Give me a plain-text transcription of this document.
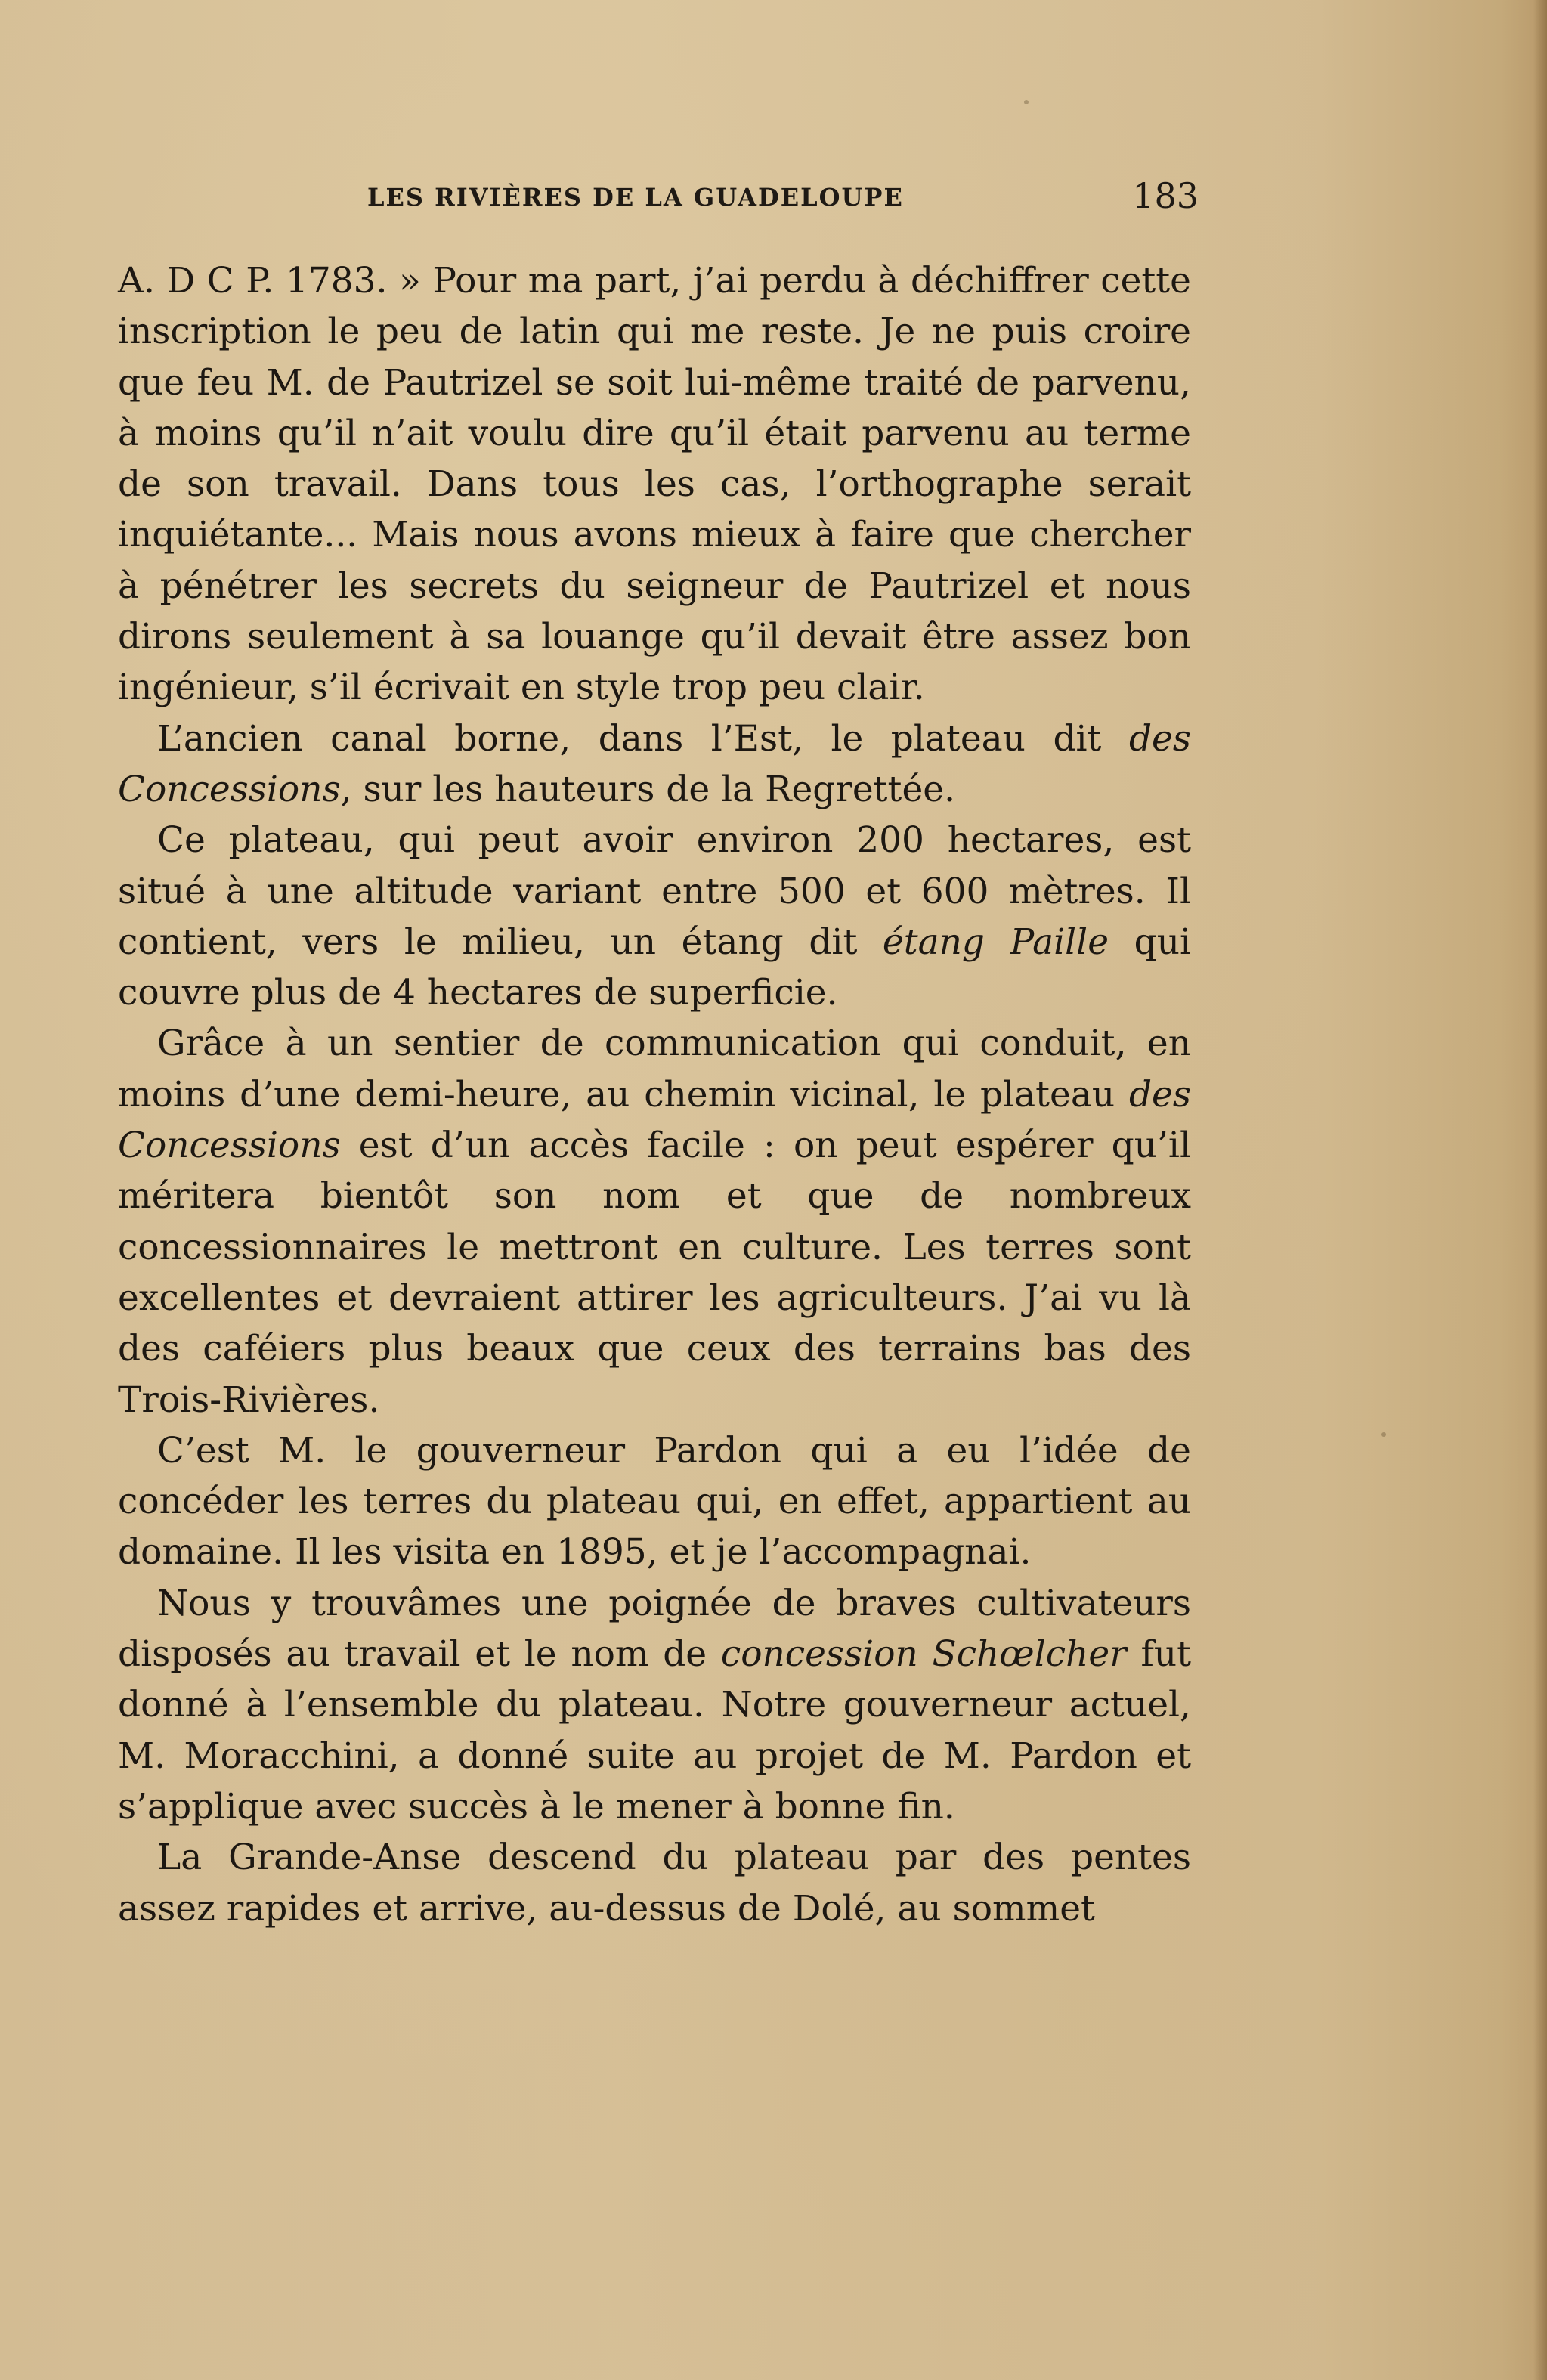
LES RIVIÈRES DE LA GUADELOUPE	183

A. D C P. 1783. » Pour ma part, j’ai perdu à déchiffrer cette inscription le peu de latin qui me reste. Je ne puis croire que feu M. de Pautrizel se soit lui-même traité de parvenu, à moins qu’il n’ait voulu dire qu’il était parvenu au terme de son travail. Dans tous les cas, l’orthographe serait inquiétante... Mais nous avons mieux à faire que chercher à pénétrer les secrets du seigneur de Pautrizel et nous dirons seulement à sa louange qu’il devait être assez bon ingénieur, s’il écrivait en style trop peu clair.

L’ancien canal borne, dans l’Est, le plateau dit des Concessions, sur les hauteurs de la Regrettée.

Ce plateau, qui peut avoir environ 200 hectares, est situé à une altitude variant entre 500 et 600 mètres. Il contient, vers le milieu, un étang dit étang Paille qui couvre plus de 4 hectares de superficie.

Grâce à un sentier de communication qui conduit, en moins d’une demi-heure, au chemin vicinal, le plateau des Concessions est d’un accès facile : on peut espérer qu’il méritera bientôt son nom et que de nombreux concessionnaires le mettront en culture. Les terres sont excellentes et devraient attirer les agriculteurs. J’ai vu là des caféiers plus beaux que ceux des terrains bas des Trois-Rivières.

C’est M. le gouverneur Pardon qui a eu l’idée de concéder les terres du plateau qui, en effet, appartient au domaine. Il les visita en 1895, et je l’accompagnai.

Nous y trouvâmes une poignée de braves cultivateurs disposés au travail et le nom de concession Schœlcher fut donné à l’ensemble du plateau. Notre gouverneur actuel, M. Moracchini, a donné suite au projet de M. Pardon et s’applique avec succès à le mener à bonne fin.

La Grande-Anse descend du plateau par des pentes assez rapides et arrive, au-dessus de Dolé, au sommet
